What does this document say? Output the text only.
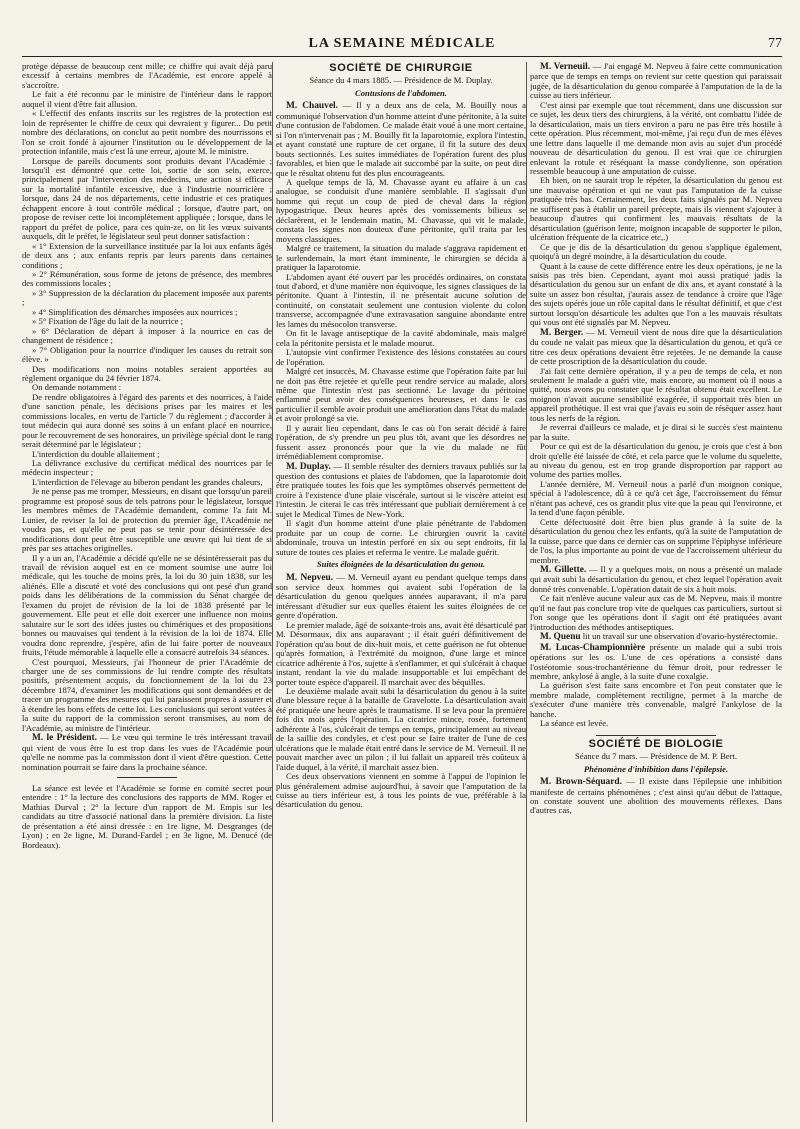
LA SEMAINE MÉDICALE	77

protège dépasse de beaucoup cent mille; ce chiffre qui avait déjà paru excessif à certains membres de l'Académie, est encore appelé à s'accroître.

Le fait a été reconnu par le ministre de l'intérieur dans le rapport auquel il vient d'être fait allusion.

« L'effectif des enfants inscrits sur les registres de la protection est loin de représenter le chiffre de ceux qui devraient y figurer... Du petit nombre des déclarations, on conclut au petit nombre des nourrissons et l'on se croit fondé à ajourner l'institution ou le développement de la protection infantile, mais c'est là une erreur, ajoute M. le ministre.

Lorsque de pareils documents sont produits devant l'Académie ; lorsqu'il est démontré que cette loi, sortie de son sein, exerce, principalement par l'intervention des médecins, une action si efficace sur la mortalité infantile excessive, due à l'industrie nourricière ; lorsque, dans 24 de nos départements, cette industrie et ces pratiques échappent encore à tout contrôle médical ; lorsque, d'autre part, on propose de reviser cette loi incomplètement appliquée ; lorsque, dans le rapport du préfet de police, para ces quin-ze, on lit les vœux suivants auxquels, dit le préfet, le législateur seul peut donner satisfaction :

« 1° Extension de la surveillance instituée par la loi aux enfants âgés de deux ans ; aux enfants repris par leurs parents dans certaines conditions ;

» 2° Rémunération, sous forme de jetons de présence, des membres des commissions locales ;

» 3° Suppression de la déclaration du placement imposée aux parents ;

» 4° Simplification des démarches imposées aux nourrices ;

» 5° Fixation de l'âge du lait de la nourrice ;

» 6° Déclaration de départ à imposer à la nourrice en cas de changement de résidence ;

» 7° Obligation pour la nourrice d'indiquer les causes du retrait son élève. »

Des modifications non moins notables seraient apportées au règlement organique du 24 février 1874.

On demande notamment :

De rendre obligatoires à l'égard des parents et des nourrices, à l'aide d'une sanction pénale, les décisions prises par les maires et les commissions locales, en vertu de l'article 7 du règlement ; d'accorder à tout médecin qui aura donné ses soins à un enfant placé en nourrice, pour le recouvrement de ses honoraires, un privilège spécial dont le rang serait déterminé par le législateur ;

L'interdiction du double allaitement ;

La délivrance exclusive du certificat médical des nourrices par le médecin inspecteur ;

L'interdiction de l'élevage au biberon pendant les grandes chaleurs,

Je ne pense pas me tromper, Messieurs, en disant que lorsqu'un pareil programme est proposé sous de tels patrons pour le législateur, lorsque les membres mêmes de l'Académie demandent, comme l'a fait M. Lunier, de reviser la loi de protection du premier âge, l'Académie ne voudra pas, et qu'elle ne peut pas se tenir pour désintéressée des modifications dont peut être susceptible une œuvre qui lui tient de si près par ses attaches originelles.

Il y a un an, l'Académie a décidé qu'elle ne se désintéresserait pas du travail de révision auquel est en ce moment soumise une autre loi médicale, qui les touche de moins près, la loi du 30 juin 1838, sur les aliénés. Elle a discuté et voté des conclusions qui ont pesé d'un grand poids dans les délibérations de la commission du Sénat chargée de l'examen du projet de révision de la loi de 1838 présenté par le gouvernement. Elle peut et elle doit exercer une influence non moins salutaire sur le sort des idées justes ou chimériques et des propositions bonnes ou mauvaises qui tendent à la révision de la loi de 1874. Elle voudra donc reprendre, j'espère, afin de lui faire porter de nouveaux fruits, l'étude mémorable à laquelle elle a consacré autrefois 34 séances.

C'est pourquoi, Messieurs, j'ai l'honneur de prier l'Académie de charger une de ses commissions de lui rendre compte des résultats positifs, présentement acquis, du fonctionnement de la loi du 23 décembre 1874, d'examiner les modifications qui sont demandées et de tracer un programme des mesures qui lui paraissent propres à assurer et à étendre les bons effets de cette loi. Les conclusions qui seront votées à la suite du rapport de la commission seront transmises, au nom de l'Académie, au ministre de l'intérieur.

M. le Président. — Le vœu qui termine le très intéressant travail qui vient de vous être lu est trop dans les vues de l'Académie pour qu'elle ne nomme pas la commission dont il vient d'être question. Cette nomination pourrait se faire dans la prochaine séance.

La séance est levée et l'Académie se forme en comité secret pour entendre : 1° la lecture des conclusions des rapports de MM. Roger et Mathias Durval ; 2° la lecture d'un rapport de M. Empis sur les candidats au titre d'associé national dans la première division. La liste de présentation a été ainsi dressée : en 1re ligne, M. Desgranges (de Lyon) ; en 2e ligne, M. Durand-Fardel ; en 3e ligne, M. Denucé (de Bordeaux).

SOCIÉTÉ DE CHIRURGIE

Séance du 4 mars 1885. — Présidence de M. Duplay.

Contusions de l'abdomen.

M. Chauvel. — Il y a deux ans de cela, M. Bouilly nous a communiqué l'observation d'un homme atteint d'une péritonite, à la suite d'une contusion de l'abdomen. Ce malade était voué à une mort certaine, si l'on n'intervenait pas ; M. Bouilly fit la laparotomie, explora l'intestin, et ayant constaté une rupture de cet organe, il fit la suture des deux bouts sectionnés. Les suites immédiates de l'opération furent des plus favorables, et bien que le malade ait succombé par la suite, on peut dire que le résultat obtenu fut des plus encourageants.

A quelque temps de là, M. Chavasse ayant eu affaire à un cas analogue, se conduisit d'une manière semblable. Il s'agissait d'un homme qui reçut un coup de pied de cheval dans la région hypogastrique. Deux heures après des vomissements bilieux se déclarèrent, et le lendemain matin, M. Chavasse, qui vit le malade, constata les signes non douteux d'une péritonite, qu'il traita par les moyens classiques.

Malgré ce traitement, la situation du malade s'aggrava rapidement et le surlendemain, la mort étant imminente, le chirurgien se décida à pratiquer la laparotomie.

L'abdomen ayant été ouvert par les procédés ordinaires, on constata tout d'abord, et d'une manière non équivoque, les signes classiques de la péritonite. Quant à l'intestin, il ne présentait aucune solution de continuité, on constatait seulement une contusion violente du colon transverse, accompagnée d'une extravasation sanguine abondante entre les lames du mésocolon transverse.

On fit le lavage antiseptique de la cavité abdominale, mais malgré cela la péritonite persista et le malade mourut.

L'autopsie vint confirmer l'existence des lésions constatées au cours de l'opération.

Malgré cet insuccès, M. Chavasse estime que l'opération faite par lui ne doit pas être rejetée et qu'elle peut rendre service au malade, alors même que l'intestin n'est pas sectionné. Le lavage du péritoine enflammé peut avoir des conséquences heureuses, et dans le cas particulier il semble avoir produit une amélioration dans l'état du malade et avoir prolongé sa vie.

Il y aurait lieu cependant, dans le cas où l'on serait décidé à faire l'opération, de s'y prendre un peu plus tôt, avant que les désordres ne fussent assez prononcés pour que la vie du malade ne fût irrémédiablement compromise.

M. Duplay. — Il semble résulter des derniers travaux publiés sur la question des contusions et plaies de l'abdomen, que la laparotomie doit être pratiquée toutes les fois que les symptômes observés permettent de croire à l'existence d'une plaie viscérale, surtout si le viscère atteint est l'intestin. Je citerai le cas très intéressant que publiait dernièrement à ce sujet le Medical Times de New-York.

Il s'agit d'un homme atteint d'une plaie pénétrante de l'abdomen produite par un coup de corne. Le chirurgien ouvrit la cavité abdominale, trouva un intestin perforé en six ou sept endroits, fit la suture de toutes ces plaies et referma le ventre. Le malade guérit.

Suites éloignées de la désarticulation du genou.

M. Nepveu. — M. Verneuil ayant eu pendant quelque temps dans son service deux hommes qui avaient subi l'opération de la désarticulation du genou quelques années auparavant, il m'a paru intéressant d'étudier sur eux quelles étaient les suites éloignées de ce genre d'opération.

Le premier malade, âgé de soixante-trois ans, avait été désarticulé par M. Désormaux, dix ans auparavant ; il était guéri définitivement de l'opération qu'au bout de dix-huit mois, et cette guérison ne fut obtenue qu'après formation, à l'extrémité du moignon, d'une large et mince cicatrice adhérente à l'os, sujette à s'enflammer, et qui s'ulcérait à chaque instant, rendant la vie du malade insupportable et lui empêchant de porter toute espèce d'appareil. Il marchait avec des béquilles.

Le deuxième malade avait subi la désarticulation du genou à la suite d'une blessure reçue à la bataille de Gravelotte. La désarticulation avait été pratiquée une heure après le traumatisme. Il se leva pour la première fois dix mois après l'opération. La cicatrice mince, rosée, fortement adhérente à l'os, s'ulcérait de temps en temps, principalement au niveau de la saillie des condyles, et c'est pour se faire traiter de l'une de ces ulcérations que le malade était entré dans le service de M. Verneuil. Il ne pouvait marcher avec un pilon ; il lui fallait un appareil très coûteux à l'aide duquel, à la vérité, il marchait assez bien.

Ces deux observations viennent en somme à l'appui de l'opinion le plus généralement admise aujourd'hui, à savoir que l'amputation de la cuisse au tiers inférieur est, à tous les points de vue, préférable à la désarticulation du genou.

M. Verneuil. — J'ai engagé M. Nepveu à faire cette communication parce que de temps en temps on revient sur cette question qui paraissait jugée, de la désarticulation du genou comparée à l'amputation de la de la cuisse au tiers inférieur.

C'est ainsi par exemple que tout récemment, dans une discussion sur ce sujet, les deux tiers des chirurgiens, à la vérité, ont combattu l'idée de la désarticulation, mais un tiers environ a paru ne pas être très hostile à cette opération. Plus récemment, moi-même, j'ai reçu d'un de mes élèves une lettre dans laquelle il me demande mon avis au sujet d'un procédé nouveau de désarticulation du genou. Il est vrai que ce chirurgien enlevant la rotule et réséquant la masse condylienne, son opération ressemble beaucoup à une amputation de cuisse.

Eh bien, on ne saurait trop le répéter, la désarticulation du genou est une mauvaise opération et qui ne vaut pas l'amputation de la cuisse pratiquée très bas. Certainement, les deux faits signalés par M. Nepveu ne suffisent pas à établir un pareil précepte, mais ils viennent s'ajouter à beaucoup d'autres qui confirment les mauvais résultats de la désarticulation (guérison lente, moignon incapable de supporter le pilon, ulcération fréquente de la cicatrice etc,.)

Ce que je dis de la désarticulation du genou s'applique également, quoiqu'à un degré moindre, à la désarticulation du coude.

Quant à la cause de cette différence entre les deux opérations, je ne la saisis pas très bien. Cependant, ayant moi aussi pratiqué jadis la désarticulation du genou sur un enfant de dix ans, et ayant constaté à la suite un assez bon résultat, j'aurais assez de tendance à croire que l'âge des sujets opérés joue un rôle capital dans le résultat définitif, et que c'est surtout lorsqu'on désarticule les adultes que l'on a les mauvais résultats qui vous ont été signalés par M. Nepveu.

M. Berger. — M. Verneuil vient de nous dire que la désarticulation du coude ne valait pas mieux que la désarticulation du genou, et qu'à ce titre ces deux opérations devaient être rejetées. Je ne demande la cause de cette proscription de la désarticulation du coude.

J'ai fait cette dernière opération, il y a peu de temps de cela, et non seulement le malade a guéri vite, mais encore, au moment où il nous a quitté, nous avons pu constater que le résultat obtenu était excellent. Le moignon n'avait aucune sensibilité exagérée, il supportait très bien un appareil prothétique. Il est vrai que j'avais eu soin de réséquer assez haut tous les nerfs de la région.

Je reverrai d'ailleurs ce malade, et je dirai si le succès s'est maintenu par la suite.

Pour ce qui est de la désarticulation du genou, je crois que c'est à bon droit qu'elle été laissée de côté, et cela parce que le volume du squelette, au niveau du genou, est en trop grande disproportion par rapport au volume des parties molles.

L'année dernière, M. Verneuil nous a parlé d'un moignon conique, spécial à l'adolescence, dû à ce qu'à cet âge, l'accroissement du fémur n'étant pas achevé, ces os grandit plus vite que la peau qui l'environne, et la tend d'une façon pénible.

Cette défectuosité doit être bien plus grande à la suite de la désarticulation du genou chez les enfants, qu'à la suite de l'amputation de la cuisse, parce que dans ce dernier cas on supprime l'épiphyse inférieure de l'os, la plus importante au point de vue de l'accroissement ultérieur du membre.

M. Gillette. — Il y a quelques mois, on nous a présenté un malade qui avait subi la désarticulation du genou, et chez lequel l'opération avait donné très convenable. L'opération datait de six à huit mois.

Ce fait n'enlève aucune valeur aux cas de M. Nepveu, mais il montre qu'il ne faut pas conclure trop vite de quelques cas particuliers, surtout si l'on songe que les opérations dont il s'agit ont été pratiquées avant l'introduction des méthodes antiseptiques.

M. Quenu lit un travail sur une observation d'ovario-hystérectomie.

M. Lucas-Championnière présente un malade qui a subi trois opérations sur les os. L'une de ces opérations a consisté dans l'ostéotomie sous-trochantérienne du fémur droit, pour redresser le membre, ankylosé à angle, à la suite d'une coxalgie.

La guérison s'est faite sans encombre et l'on peut constater que le membre malade, complètement rectiligne, permet à la marche de s'exécuter d'une manière très convenable, malgré l'ankylose de la hanche.

La séance est levée.

SOCIÉTÉ DE BIOLOGIE

Séance du 7 mars. — Présidence de M. P. Bert.

Phénomène d'inhibition dans l'épilepsie.

M. Brown-Séquard. — Il existe dans l'épilepsie une inhibition manifeste de certains phénomènes ; c'est ainsi qu'au début de l'attaque, on constate souvent une abolition des mouvements réflexes. Dans d'autres cas,
